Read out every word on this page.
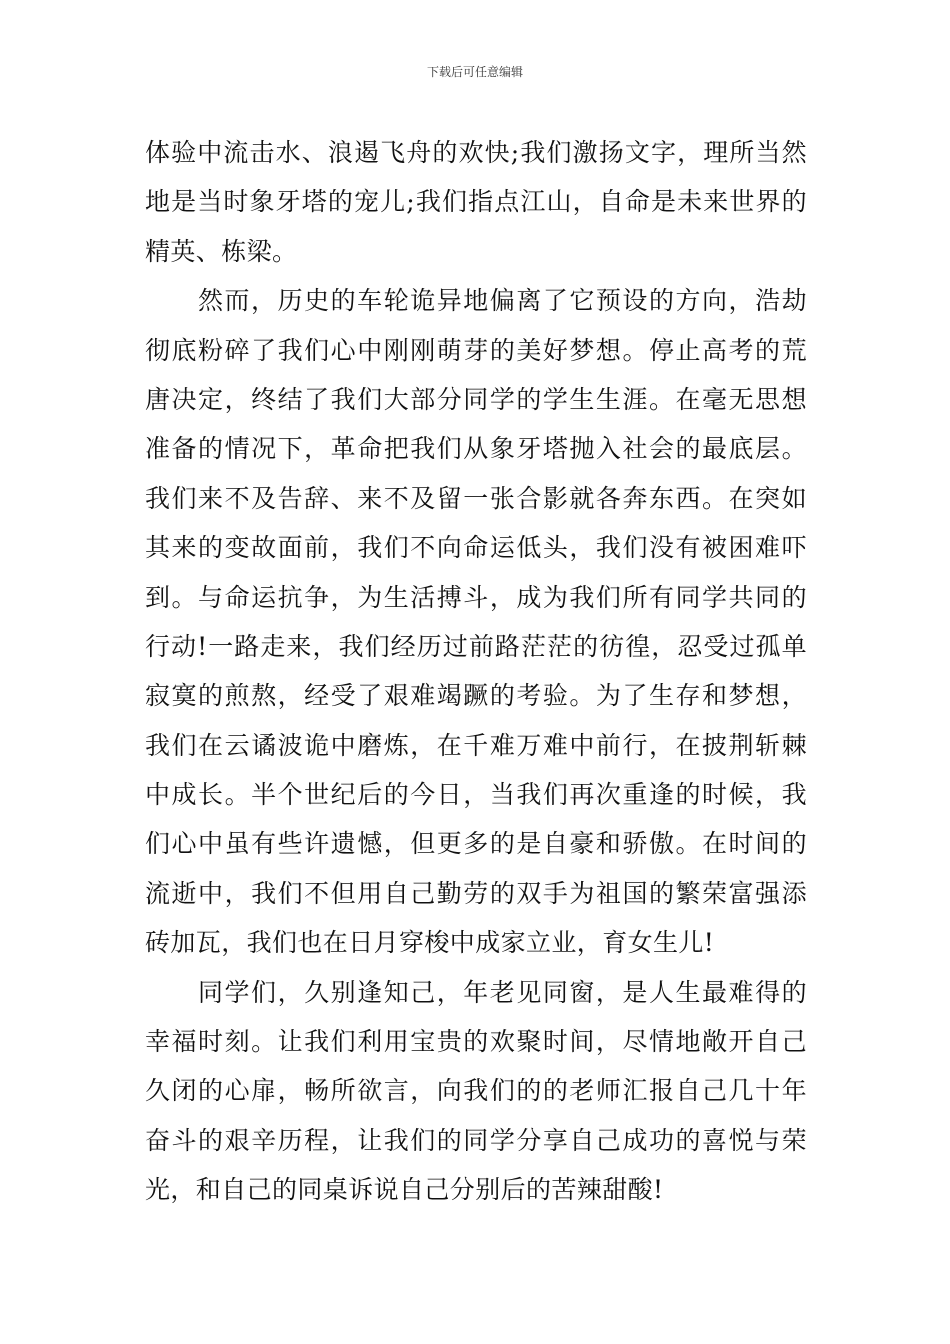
下载后可任意编辑
体验中流击水、浪遏飞舟的欢快;我们激扬文字，理所当然
地是当时象牙塔的宠儿;我们指点江山，自命是未来世界的
精英、栋梁。
然而，历史的车轮诡异地偏离了它预设的方向，浩劫
彻底粉碎了我们心中刚刚萌芽的美好梦想。停止高考的荒
唐决定，终结了我们大部分同学的学生生涯。在毫无思想
准备的情况下，革命把我们从象牙塔抛入社会的最底层。
我们来不及告辞、来不及留一张合影就各奔东西。在突如
其来的变故面前，我们不向命运低头，我们没有被困难吓
到。与命运抗争，为生活搏斗，成为我们所有同学共同的
行动!一路走来，我们经历过前路茫茫的彷徨，忍受过孤单
寂寞的煎熬，经受了艰难竭蹶的考验。为了生存和梦想，
我们在云谲波诡中磨炼，在千难万难中前行，在披荆斩棘
中成长。半个世纪后的今日，当我们再次重逢的时候，我
们心中虽有些许遗憾，但更多的是自豪和骄傲。在时间的
流逝中，我们不但用自己勤劳的双手为祖国的繁荣富强添
砖加瓦，我们也在日月穿梭中成家立业，育女生儿!
同学们，久别逢知己，年老见同窗，是人生最难得的
幸福时刻。让我们利用宝贵的欢聚时间，尽情地敞开自己
久闭的心扉，畅所欲言，向我们的的老师汇报自己几十年
奋斗的艰辛历程，让我们的同学分享自己成功的喜悦与荣
光，和自己的同桌诉说自己分别后的苦辣甜酸!
